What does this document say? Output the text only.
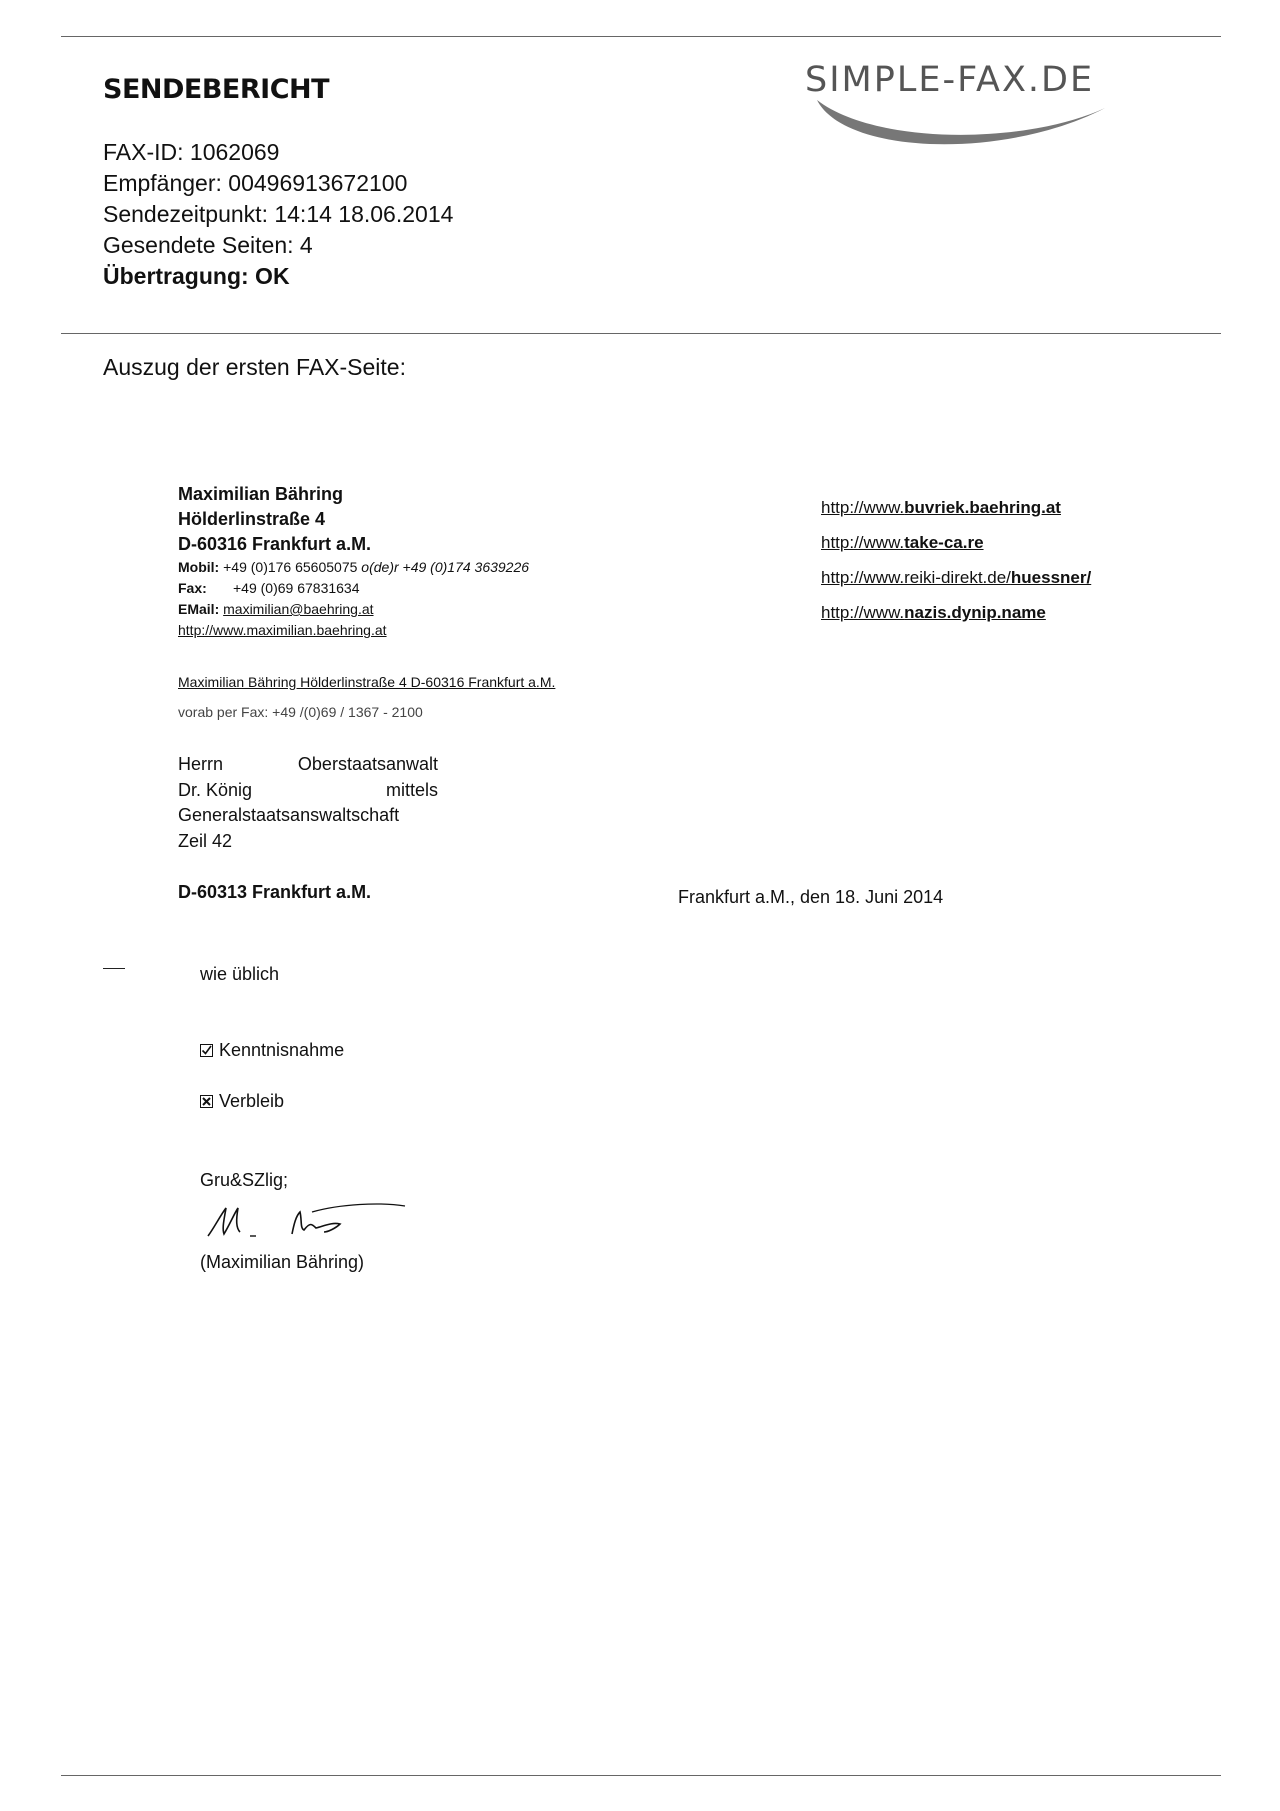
SENDEBERICHT	SIMPLE-FAX.DE
FAX-ID: 1062069
Empfänger: 00496913672100
Sendezeitpunkt: 14:14 18.06.2014
Gesendete Seiten: 4
Übertragung: OK
Auszug der ersten FAX-Seite:
Maximilian Bähring
Hölderlinstraße 4
D-60316 Frankfurt a.M.
Mobil: +49 (0)176 65605075 o(de)r +49 (0)174 3639226
Fax: +49 (0)69 67831634
EMail: maximilian@baehring.at
http://www.maximilian.baehring.at
http://www.buvriek.baehring.at
http://www.take-ca.re
http://www.reiki-direkt.de/huessner/
http://www.nazis.dynip.name
Maximilian Bähring Hölderlinstraße 4 D-60316 Frankfurt a.M.
vorab per Fax: +49 /(0)69 / 1367 - 2100
Herrn	Oberstaatsanwalt
Dr. König	mittels
Generalstaatsanswaltschaft
Zeil 42
D-60313 Frankfurt a.M.	Frankfurt a.M., den 18. Juni 2014
wie üblich
Kenntnisnahme
Verbleib
Gru&SZlig;
(Maximilian Bähring)
